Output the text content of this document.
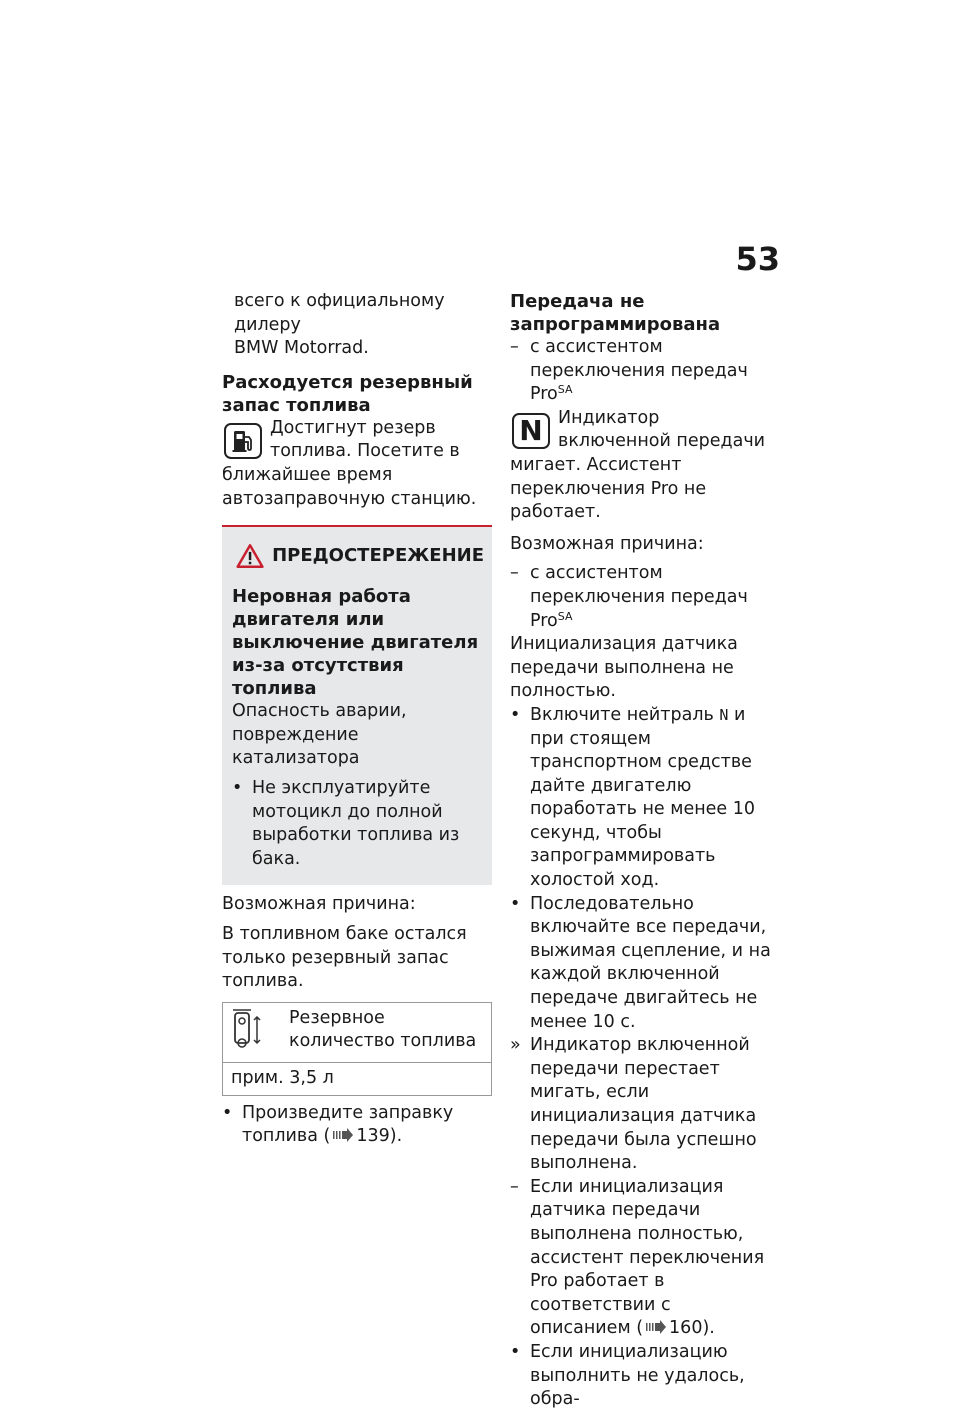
53

всего к официальному дилеру

BMW Motorrad.

Расходуется резервный запас топлива

Достигнут резерв топлива. Посетите в ближайшее время автозаправочную станцию.

ПРЕДОСТЕРЕЖЕНИЕ

Неровная работа двигателя или выключение двигателя из-за отсутствия топлива

Опасность аварии, повреждение катализатора

• Не эксплуатируйте мотоцикл до полной выработки топлива из бака.

Возможная причина:

В топливном баке остался только резервный запас топлива.

	Резервное количество топлива
прим. 3,5 л
• Произведите заправку топлива ( 139).

Передача не запрограммирована

– с ассистентом переключения передач Pro$^{SA}$
N Индикатор включенной передачи мигает. Ассистент переключения Pro не работает.

Возможная причина:

– с ассистентом переключения передач Pro$^{SA}$

Инициализация датчика передачи выполнена не полностью.

• Включите нейтраль N и при стоящем транспортном средстве дайте двигателю поработать не менее 10 секунд, чтобы запрограммировать холостой ход.
• Последовательно включайте все передачи, выжимая сцепление, и на каждой включенной передаче двигайтесь не менее 10 с.
» Индикатор включенной передачи перестает мигать, если инициализация датчика передачи была успешно выполнена.
– Если инициализация датчика передачи выполнена полностью, ассистент переключения Pro работает в соответствии с описанием ( 160).
• Если инициализацию выполнить не удалось, обра-
